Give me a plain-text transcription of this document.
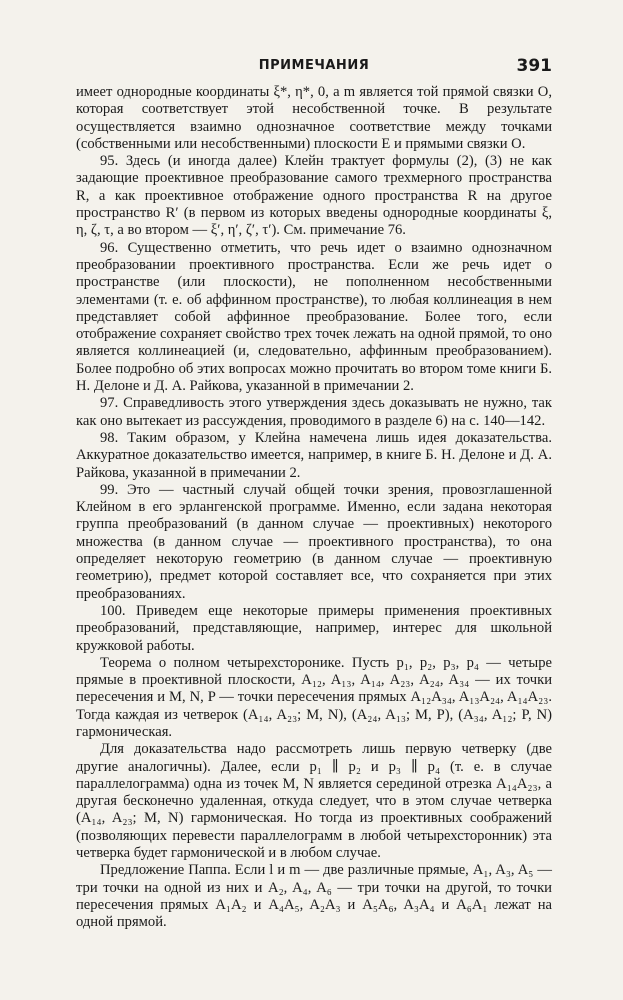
ПРИМЕЧАНИЯ	391

имеет однородные координаты ξ*, η*, 0, а m является той прямой связки O, которая соответствует этой несобственной точке. В результате осуществляется взаимно однозначное соответствие между точками (собственными или несобственными) плоскости E и прямыми связки O.

95. Здесь (и иногда далее) Клейн трактует формулы (2), (3) не как задающие проективное преобразование самого трехмерного пространства R, а как проективное отображение одного пространства R на другое пространство R′ (в первом из которых введены однородные координаты ξ, η, ζ, τ, а во втором — ξ′, η′, ζ′, τ′). См. примечание 76.

96. Существенно отметить, что речь идет о взаимно однозначном преобразовании проективного пространства. Если же речь идет о пространстве (или плоскости), не пополненном несобственными элементами (т. е. об аффинном пространстве), то любая коллинеация в нем представляет собой аффинное преобразование. Более того, если отображение сохраняет свойство трех точек лежать на одной прямой, то оно является коллинеацией (и, следовательно, аффинным преобразованием). Более подробно об этих вопросах можно прочитать во втором томе книги Б. Н. Делоне и Д. А. Райкова, указанной в примечании 2.

97. Справедливость этого утверждения здесь доказывать не нужно, так как оно вытекает из рассуждения, проводимого в разделе 6) на с. 140—142.

98. Таким образом, у Клейна намечена лишь идея доказательства. Аккуратное доказательство имеется, например, в книге Б. Н. Делоне и Д. А. Райкова, указанной в примечании 2.

99. Это — частный случай общей точки зрения, провозглашенной Клейном в его эрлангенской программе. Именно, если задана некоторая группа преобразований (в данном случае — проективных) некоторого множества (в данном случае — проективного пространства), то она определяет некоторую геометрию (в данном случае — проективную геометрию), предмет которой составляет все, что сохраняется при этих преобразованиях.

100. Приведем еще некоторые примеры применения проективных преобразований, представляющие, например, интерес для школьной кружковой работы.

Теорема о полном четырехсторонике. Пусть p₁, p₂, p₃, p₄ — четыре прямые в проективной плоскости, A₁₂, A₁₃, A₁₄, A₂₃, A₂₄, A₃₄ — их точки пересечения и M, N, P — точки пересечения прямых A₁₂A₃₄, A₁₃A₂₄, A₁₄A₂₃. Тогда каждая из четверок (A₁₄, A₂₃; M, N), (A₂₄, A₁₃; M, P), (A₃₄, A₁₂; P, N) гармоническая.

Для доказательства надо рассмотреть лишь первую четверку (две другие аналогичны). Далее, если p₁ ∥ p₂ и p₃ ∥ p₄ (т. е. в случае параллелограмма) одна из точек M, N является серединой отрезка A₁₄A₂₃, а другая бесконечно удаленная, откуда следует, что в этом случае четверка (A₁₄, A₂₃; M, N) гармоническая. Но тогда из проективных соображений (позволяющих перевести параллелограмм в любой четырехсторонник) эта четверка будет гармонической и в любом случае.

Предложение Паппа. Если l и m — две различные прямые, A₁, A₃, A₅ — три точки на одной из них и A₂, A₄, A₆ — три точки на другой, то точки пересечения прямых A₁A₂ и A₄A₅, A₂A₃ и A₅A₆, A₃A₄ и A₆A₁ лежат на одной прямой.
